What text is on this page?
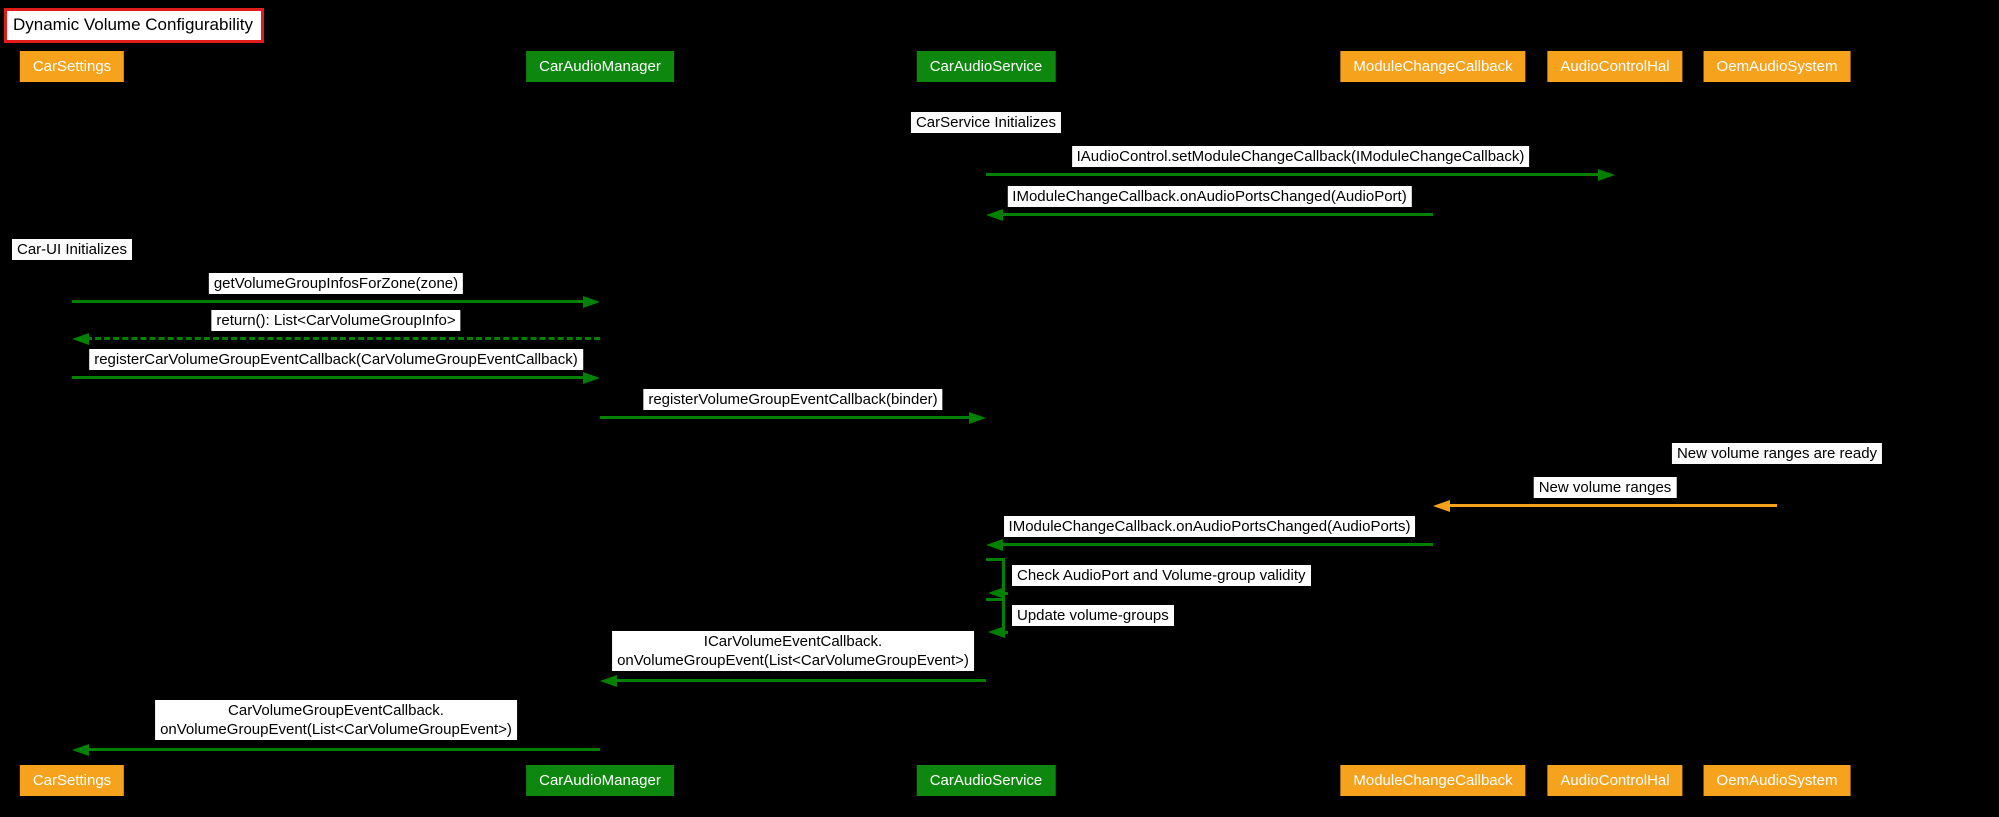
Dynamic Volume Configurability
CarSettings
CarSettings
CarAudioManager
CarAudioManager
CarAudioService
CarAudioService
ModuleChangeCallback
ModuleChangeCallback
AudioControlHal
AudioControlHal
OemAudioSystem
OemAudioSystem
CarService Initializes
IAudioControl.setModuleChangeCallback(IModuleChangeCallback)
IModuleChangeCallback.onAudioPortsChanged(AudioPort)
Car-UI Initializes
getVolumeGroupInfosForZone(zone)
return(): List<CarVolumeGroupInfo>
registerCarVolumeGroupEventCallback(CarVolumeGroupEventCallback)
registerVolumeGroupEventCallback(binder)
New volume ranges are ready
New volume ranges
IModuleChangeCallback.onAudioPortsChanged(AudioPorts)
Check AudioPort and Volume-group validity
Update volume-groups
ICarVolumeEventCallback.
onVolumeGroupEvent(List<CarVolumeGroupEvent>)
CarVolumeGroupEventCallback.
onVolumeGroupEvent(List<CarVolumeGroupEvent>)
